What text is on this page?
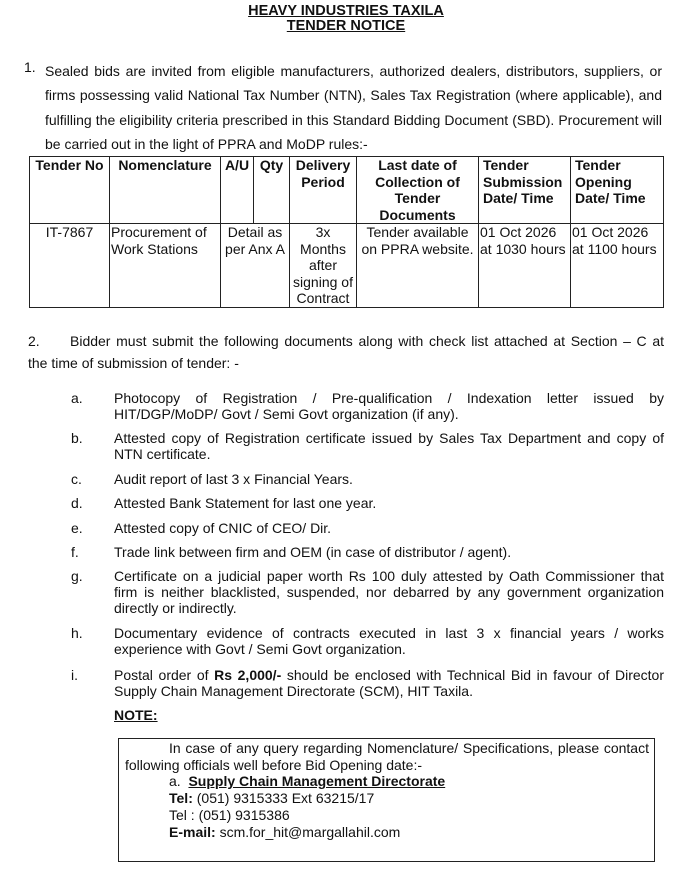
HEAVY INDUSTRIES TAXILA
TENDER NOTICE
1. Sealed bids are invited from eligible manufacturers, authorized dealers, distributors, suppliers, or firms possessing valid National Tax Number (NTN), Sales Tax Registration (where applicable), and fulfilling the eligibility criteria prescribed in this Standard Bidding Document (SBD). Procurement will be carried out in the light of PPRA and MoDP rules:-
Tender No	Nomenclature	A/U	Qty	Delivery Period	Last date of Collection of Tender Documents	Tender Submission Date/ Time	Tender Opening Date/ Time
IT-7867	Procurement of Work Stations	Detail as per Anx A		3x Months after signing of Contract	Tender available on PPRA website.	01 Oct 2026 at 1030 hours	01 Oct 2026 at 1100 hours
2.	Bidder must submit the following documents along with check list attached at Section – C at
the time of submission of tender: -
a. Photocopy of Registration / Pre-qualification / Indexation letter issued by HIT/DGP/MoDP/ Govt / Semi Govt organization (if any).
b. Attested copy of Registration certificate issued by Sales Tax Department and copy of NTN certificate.
c. Audit report of last 3 x Financial Years.
d. Attested Bank Statement for last one year.
e. Attested copy of CNIC of CEO/ Dir.
f.	Trade link between firm and OEM (in case of distributor / agent).
g. Certificate on a judicial paper worth Rs 100 duly attested by Oath Commissioner that firm is neither blacklisted, suspended, nor debarred by any government organization directly or indirectly.
h. Documentary evidence of contracts executed in last 3 x financial years / works experience with Govt / Semi Govt organization.
i.	Postal order of Rs 2,000/- should be enclosed with Technical Bid in favour of Director Supply Chain Management Directorate (SCM), HIT Taxila.
NOTE:
In case of any query regarding Nomenclature/ Specifications, please contact following officials well before Bid Opening date:-
a. Supply Chain Management Directorate
Tel: (051) 9315333 Ext 63215/17
Tel : (051) 9315386
E-mail: scm.for_hit@margallahil.com
